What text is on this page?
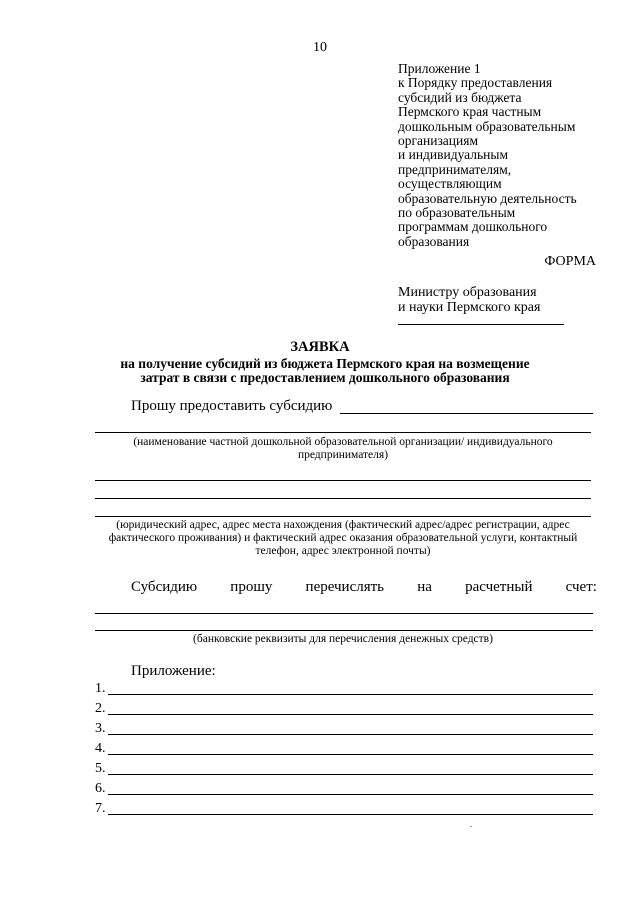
10
Приложение 1
к Порядку предоставления
субсидий из бюджета
Пермского края частным
дошкольным образовательным
организациям
и индивидуальным
предпринимателям,
осуществляющим
образовательную деятельность
по образовательным
программам дошкольного
образования
ФОРМА
Министру образования
и науки Пермского края
ЗАЯВКА
на получение субсидий из бюджета Пермского края на возмещение затрат в связи с предоставлением дошкольного образования
Прошу предоставить субсидию
(наименование частной дошкольной образовательной организации/ индивидуального предпринимателя)
(юридический адрес, адрес места нахождения (фактический адрес/адрес регистрации, адрес фактического проживания) и фактический адрес оказания образовательной услуги, контактный телефон, адрес электронной почты)
Субсидию прошу перечислять на расчетный счет:
(банковские реквизиты для перечисления денежных средств)
Приложение:
1.
2.
3.
4.
5.
6.
7.
